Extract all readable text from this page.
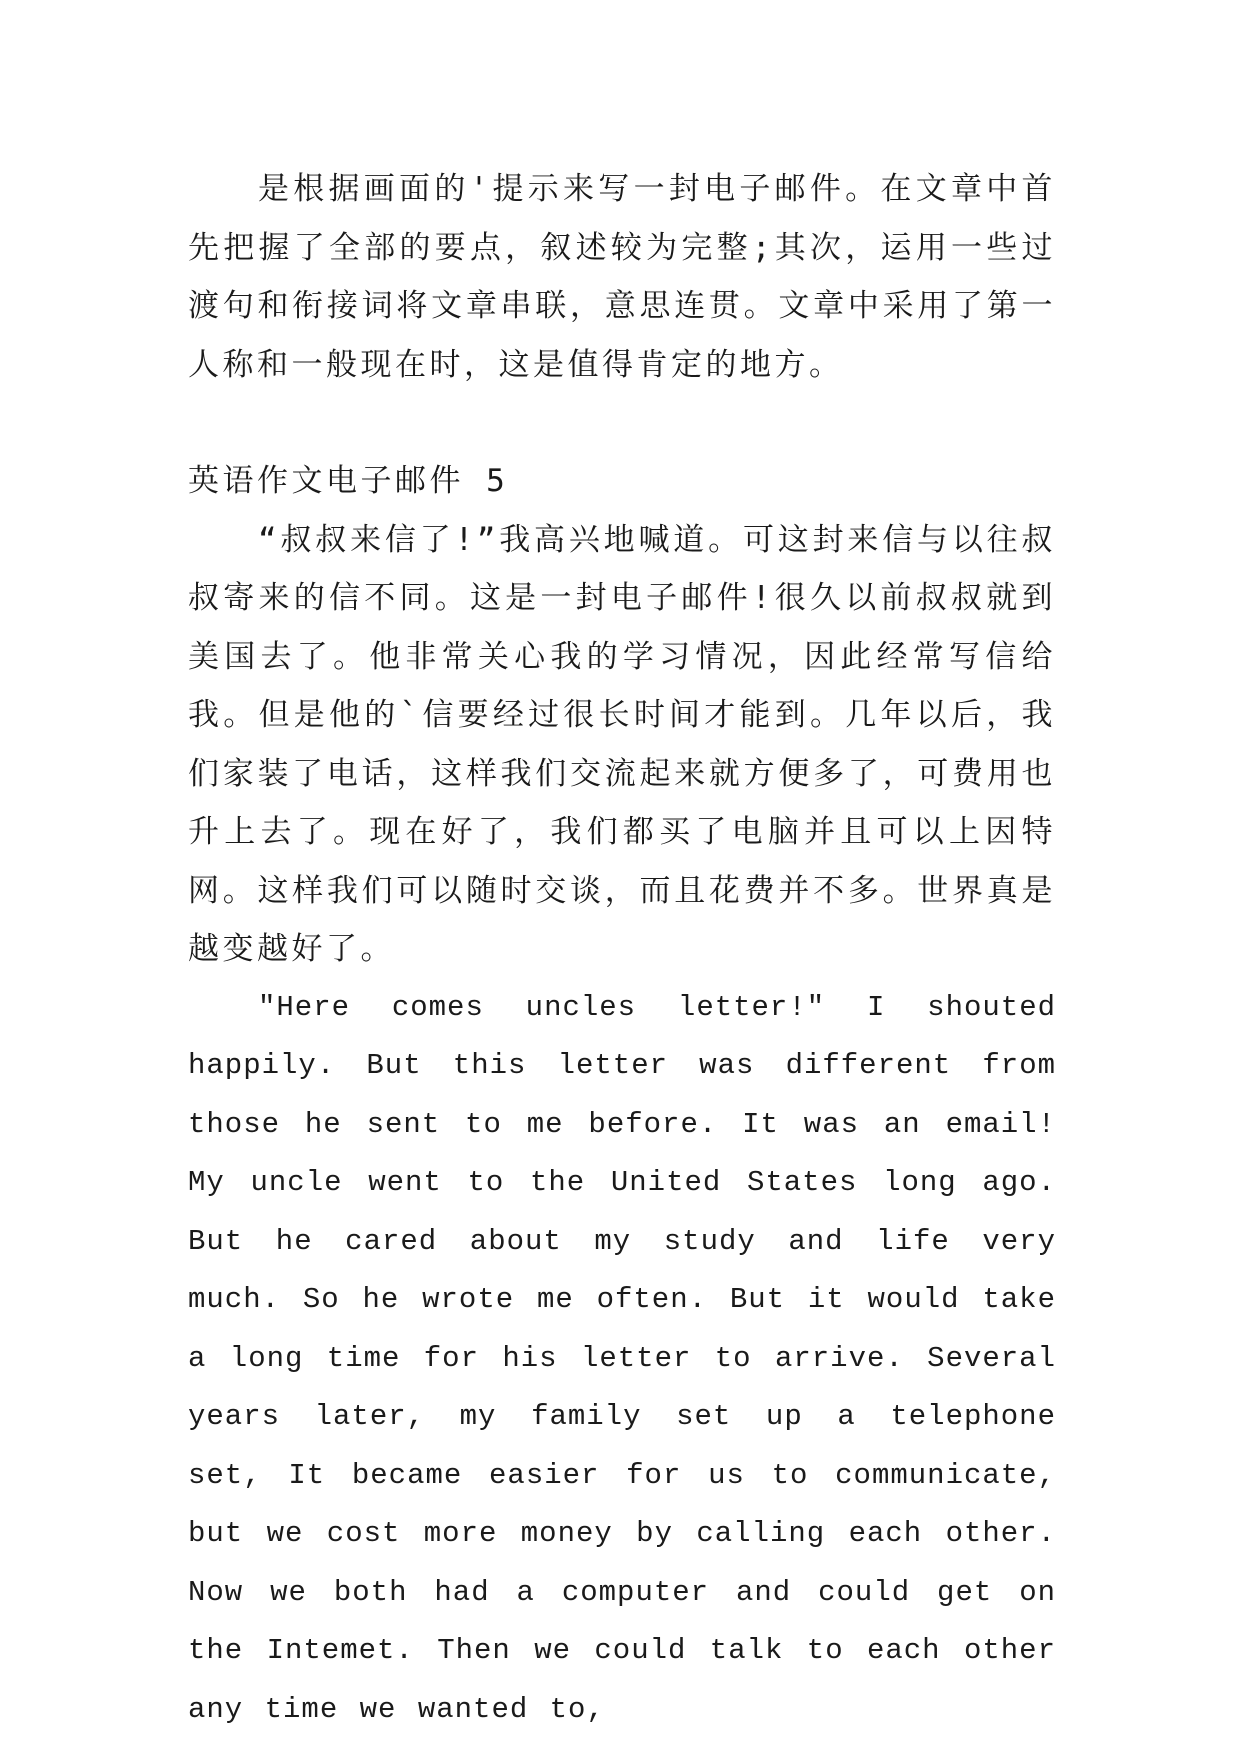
是根据画面的'提示来写一封电子邮件。在文章中首先把握了全部的要点，叙述较为完整;其次，运用一些过渡句和衔接词将文章串联，意思连贯。文章中采用了第一人称和一般现在时，这是值得肯定的地方。

英语作文电子邮件 5

“叔叔来信了!”我高兴地喊道。可这封来信与以往叔叔寄来的信不同。这是一封电子邮件!很久以前叔叔就到美国去了。他非常关心我的学习情况，因此经常写信给我。但是他的`信要经过很长时间才能到。几年以后，我们家装了电话，这样我们交流起来就方便多了，可费用也升上去了。现在好了，我们都买了电脑并且可以上因特网。这样我们可以随时交谈，而且花费并不多。世界真是越变越好了。

"Here comes uncles letter!" I shouted happily. But this letter was different from those he sent to me before. It was an email! My uncle went to the United States long ago. But he cared about my study and life very much. So he wrote me often. But it would take a long time for his letter to arrive. Several years later, my family set up a telephone set, It became easier for us to communicate, but we cost more money by calling each other. Now we both had a computer and could get on the Intemet. Then we could talk to each other any time we wanted to,
